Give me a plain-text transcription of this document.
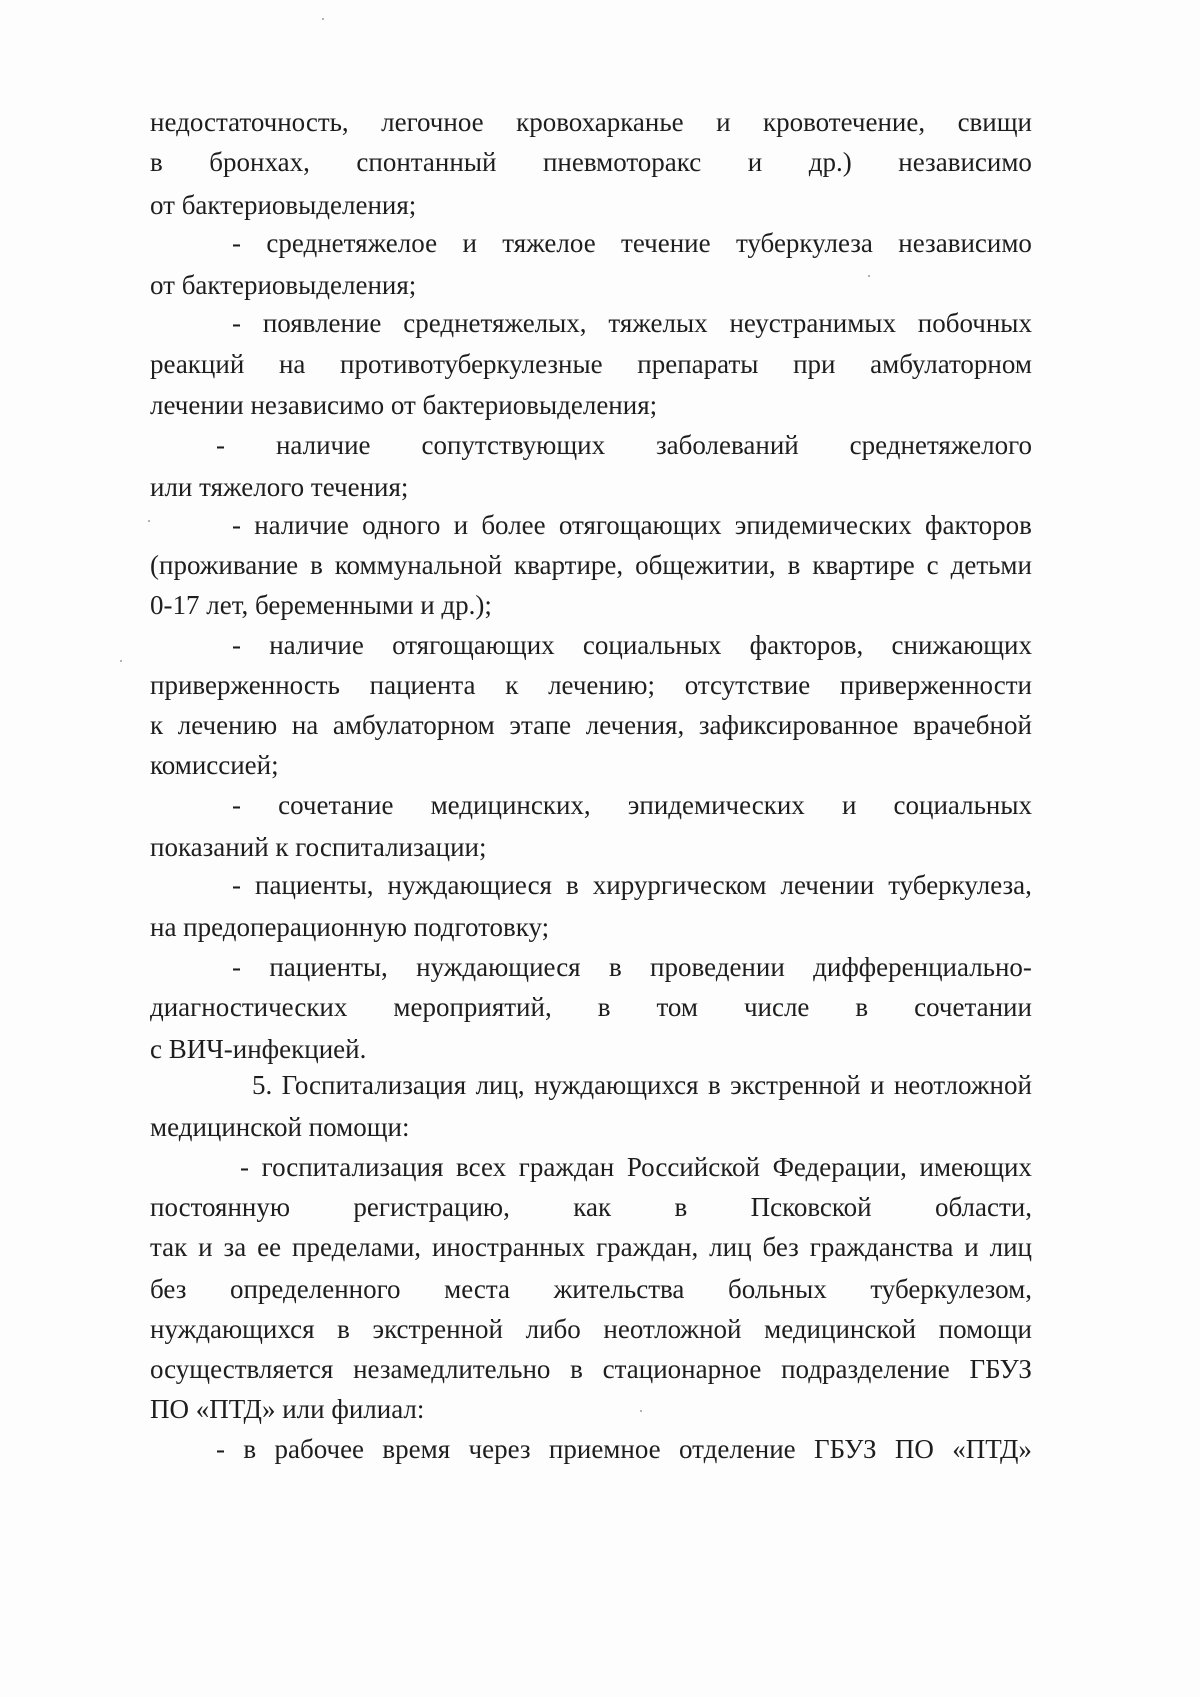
недостаточность, легочное кровохарканье и кровотечение, свищи
в бронхах, спонтанный пневмоторакс и др.) независимо
от бактериовыделения;
- среднетяжелое и тяжелое течение туберкулеза независимо
от бактериовыделения;
- появление среднетяжелых, тяжелых неустранимых побочных
реакций на противотуберкулезные препараты при амбулаторном
лечении независимо от бактериовыделения;
- наличие сопутствующих заболеваний среднетяжелого
или тяжелого течения;
- наличие одного и более отягощающих эпидемических факторов
(проживание в коммунальной квартире, общежитии, в квартире с детьми
0-17 лет, беременными и др.);
- наличие отягощающих социальных факторов, снижающих
приверженность пациента к лечению; отсутствие приверженности
к лечению на амбулаторном этапе лечения, зафиксированное врачебной
комиссией;
- сочетание медицинских, эпидемических и социальных
показаний к госпитализации;
- пациенты, нуждающиеся в хирургическом лечении туберкулеза,
на предоперационную подготовку;
- пациенты, нуждающиеся в проведении дифференциально-
диагностических мероприятий, в том числе в сочетании
с ВИЧ-инфекцией.
5. Госпитализация лиц, нуждающихся в экстренной и неотложной
медицинской помощи:
- госпитализация всех граждан Российской Федерации, имеющих
постоянную регистрацию, как в Псковской области,
так и за ее пределами, иностранных граждан, лиц без гражданства и лиц
без определенного места жительства больных туберкулезом,
нуждающихся в экстренной либо неотложной медицинской помощи
осуществляется незамедлительно в стационарное подразделение ГБУЗ
ПО «ПТД» или филиал:
- в рабочее время через приемное отделение ГБУЗ ПО «ПТД»
